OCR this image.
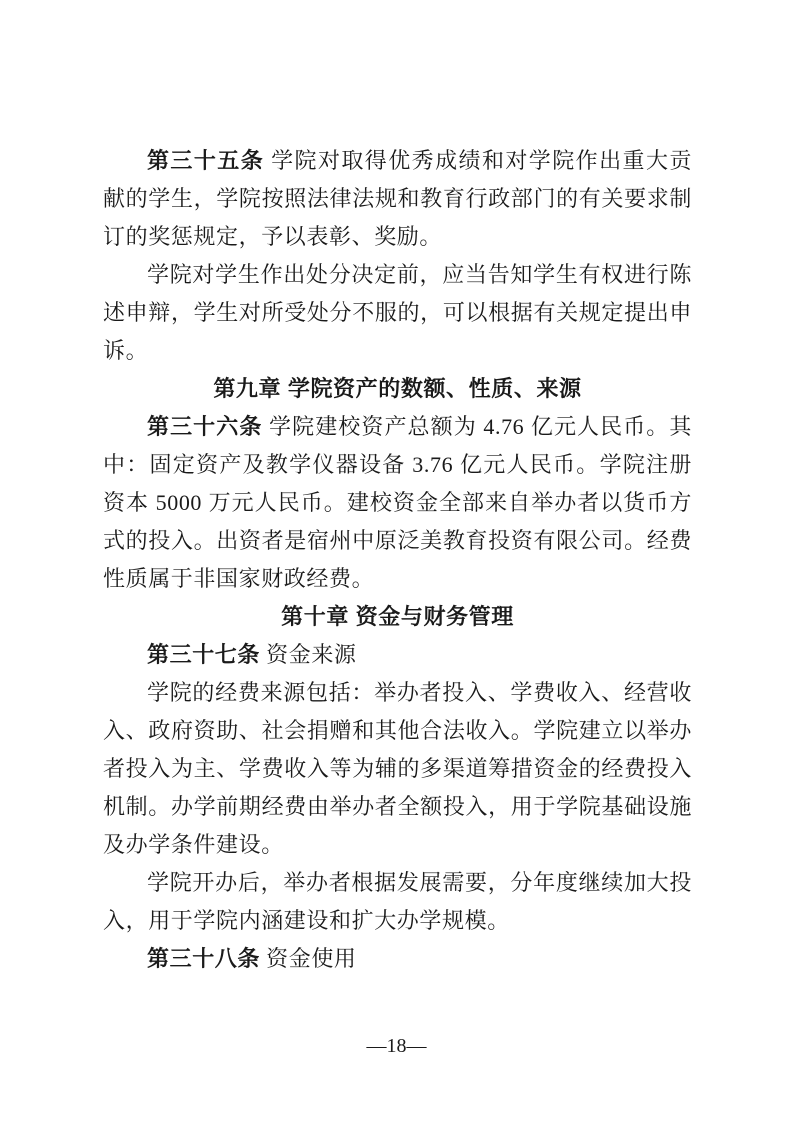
第三十五条 学院对取得优秀成绩和对学院作出重大贡献的学生，学院按照法律法规和教育行政部门的有关要求制订的奖惩规定，予以表彰、奖励。
学院对学生作出处分决定前，应当告知学生有权进行陈述申辩，学生对所受处分不服的，可以根据有关规定提出申诉。
第九章 学院资产的数额、性质、来源
第三十六条 学院建校资产总额为 4.76 亿元人民币。其中：固定资产及教学仪器设备 3.76 亿元人民币。学院注册资本 5000 万元人民币。建校资金全部来自举办者以货币方式的投入。出资者是宿州中原泛美教育投资有限公司。经费性质属于非国家财政经费。
第十章 资金与财务管理
第三十七条 资金来源
学院的经费来源包括：举办者投入、学费收入、经营收入、政府资助、社会捐赠和其他合法收入。学院建立以举办者投入为主、学费收入等为辅的多渠道筹措资金的经费投入机制。办学前期经费由举办者全额投入，用于学院基础设施及办学条件建设。
学院开办后，举办者根据发展需要，分年度继续加大投入，用于学院内涵建设和扩大办学规模。
第三十八条 资金使用
—18—
